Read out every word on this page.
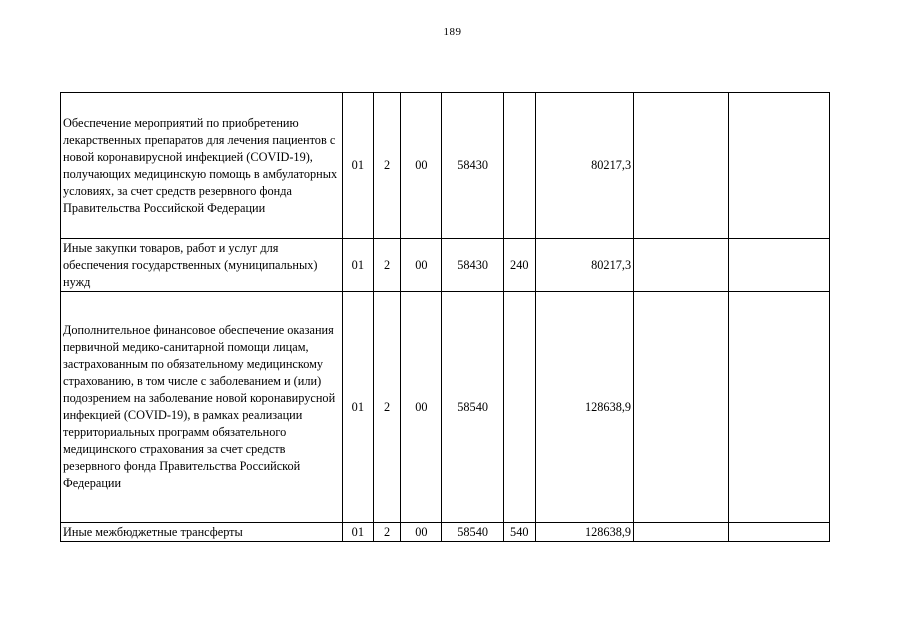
189
Обеспечение мероприятий по приобретению лекарственных препаратов для лечения пациентов с новой коронавирусной инфекцией (COVID-19), получающих медицинскую помощь в амбулаторных условиях, за счет средств резервного фонда Правительства Российской Федерации	01	2	00	58430		80217,3		
Иные закупки товаров, работ и услуг для обеспечения государственных (муниципальных) нужд	01	2	00	58430	240	80217,3		
Дополнительное финансовое обеспечение оказания первичной медико-санитарной помощи лицам, застрахованным по обязательному медицинскому страхованию, в том числе с заболеванием и (или) подозрением на заболевание новой коронавирусной инфекцией (COVID-19), в рамках реализации территориальных программ обязательного медицинского страхования за счет средств резервного фонда Правительства Российской Федерации	01	2	00	58540		128638,9		
Иные межбюджетные трансферты	01	2	00	58540	540	128638,9		
